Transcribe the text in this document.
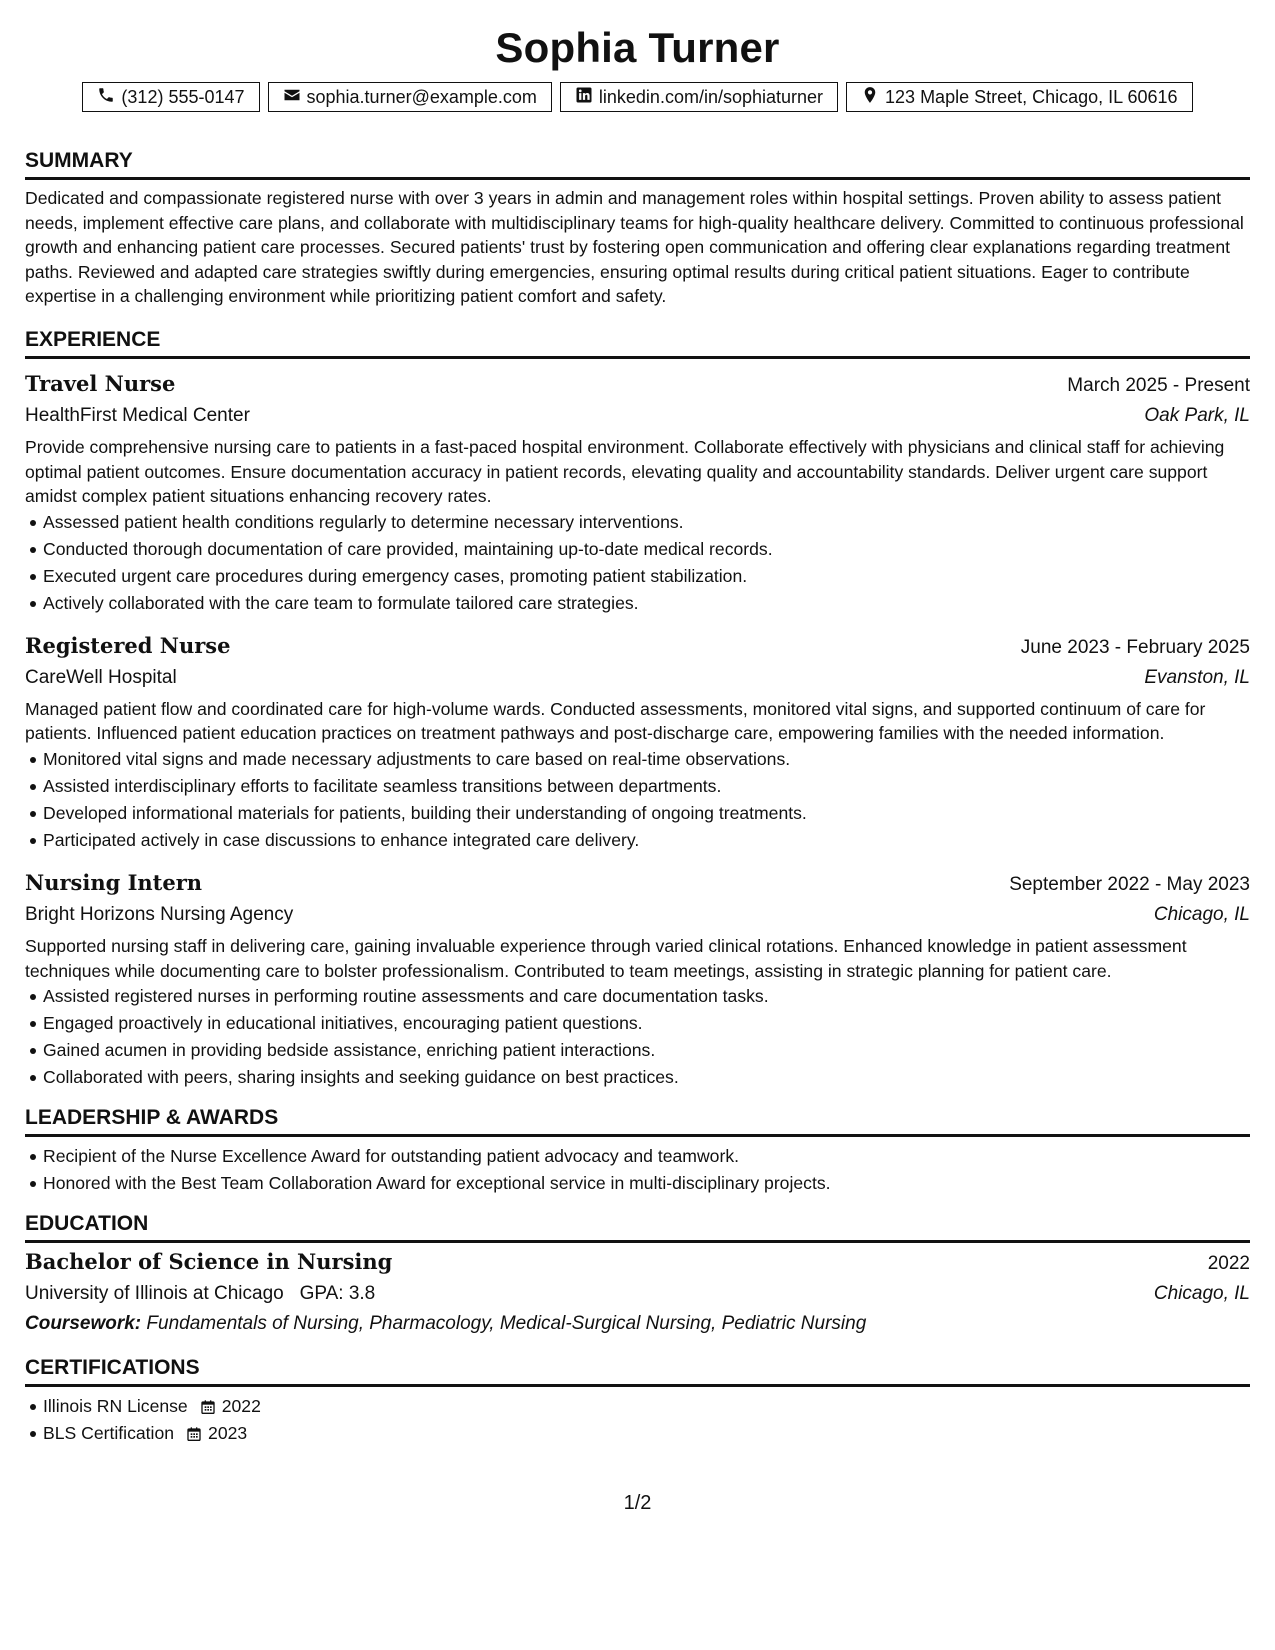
Sophia Turner
(312) 555-0147	sophia.turner@example.com	linkedin.com/in/sophiaturner	123 Maple Street, Chicago, IL 60616
SUMMARY

Dedicated and compassionate registered nurse with over 3 years in admin and management roles within hospital settings. Proven ability to assess patient needs, implement effective care plans, and collaborate with multidisciplinary teams for high-quality healthcare delivery. Committed to continuous professional growth and enhancing patient care processes. Secured patients' trust by fostering open communication and offering clear explanations regarding treatment paths. Reviewed and adapted care strategies swiftly during emergencies, ensuring optimal results during critical patient situations. Eager to contribute expertise in a challenging environment while prioritizing patient comfort and safety.

EXPERIENCE
Travel Nurse	March 2025 - Present
HealthFirst Medical Center	Oak Park, IL

Provide comprehensive nursing care to patients in a fast-paced hospital environment. Collaborate effectively with physicians and clinical staff for achieving optimal patient outcomes. Ensure documentation accuracy in patient records, elevating quality and accountability standards. Deliver urgent care support amidst complex patient situations enhancing recovery rates.

Assessed patient health conditions regularly to determine necessary interventions.
Conducted thorough documentation of care provided, maintaining up-to-date medical records.
Executed urgent care procedures during emergency cases, promoting patient stabilization.
Actively collaborated with the care team to formulate tailored care strategies.
Registered Nurse	June 2023 - February 2025
CareWell Hospital	Evanston, IL

Managed patient flow and coordinated care for high-volume wards. Conducted assessments, monitored vital signs, and supported continuum of care for patients. Influenced patient education practices on treatment pathways and post-discharge care, empowering families with the needed information.

Monitored vital signs and made necessary adjustments to care based on real-time observations.
Assisted interdisciplinary efforts to facilitate seamless transitions between departments.
Developed informational materials for patients, building their understanding of ongoing treatments.
Participated actively in case discussions to enhance integrated care delivery.
Nursing Intern	September 2022 - May 2023
Bright Horizons Nursing Agency	Chicago, IL

Supported nursing staff in delivering care, gaining invaluable experience through varied clinical rotations. Enhanced knowledge in patient assessment techniques while documenting care to bolster professionalism. Contributed to team meetings, assisting in strategic planning for patient care.

Assisted registered nurses in performing routine assessments and care documentation tasks.
Engaged proactively in educational initiatives, encouraging patient questions.
Gained acumen in providing bedside assistance, enriching patient interactions.
Collaborated with peers, sharing insights and seeking guidance on best practices.
LEADERSHIP & AWARDS
Recipient of the Nurse Excellence Award for outstanding patient advocacy and teamwork.
Honored with the Best Team Collaboration Award for exceptional service in multi-disciplinary projects.
EDUCATION
Bachelor of Science in Nursing	2022
University of Illinois at Chicago GPA: 3.8	Chicago, IL
Coursework: Fundamentals of Nursing, Pharmacology, Medical-Surgical Nursing, Pediatric Nursing
CERTIFICATIONS
Illinois RN License 2022
BLS Certification 2023
1/2
